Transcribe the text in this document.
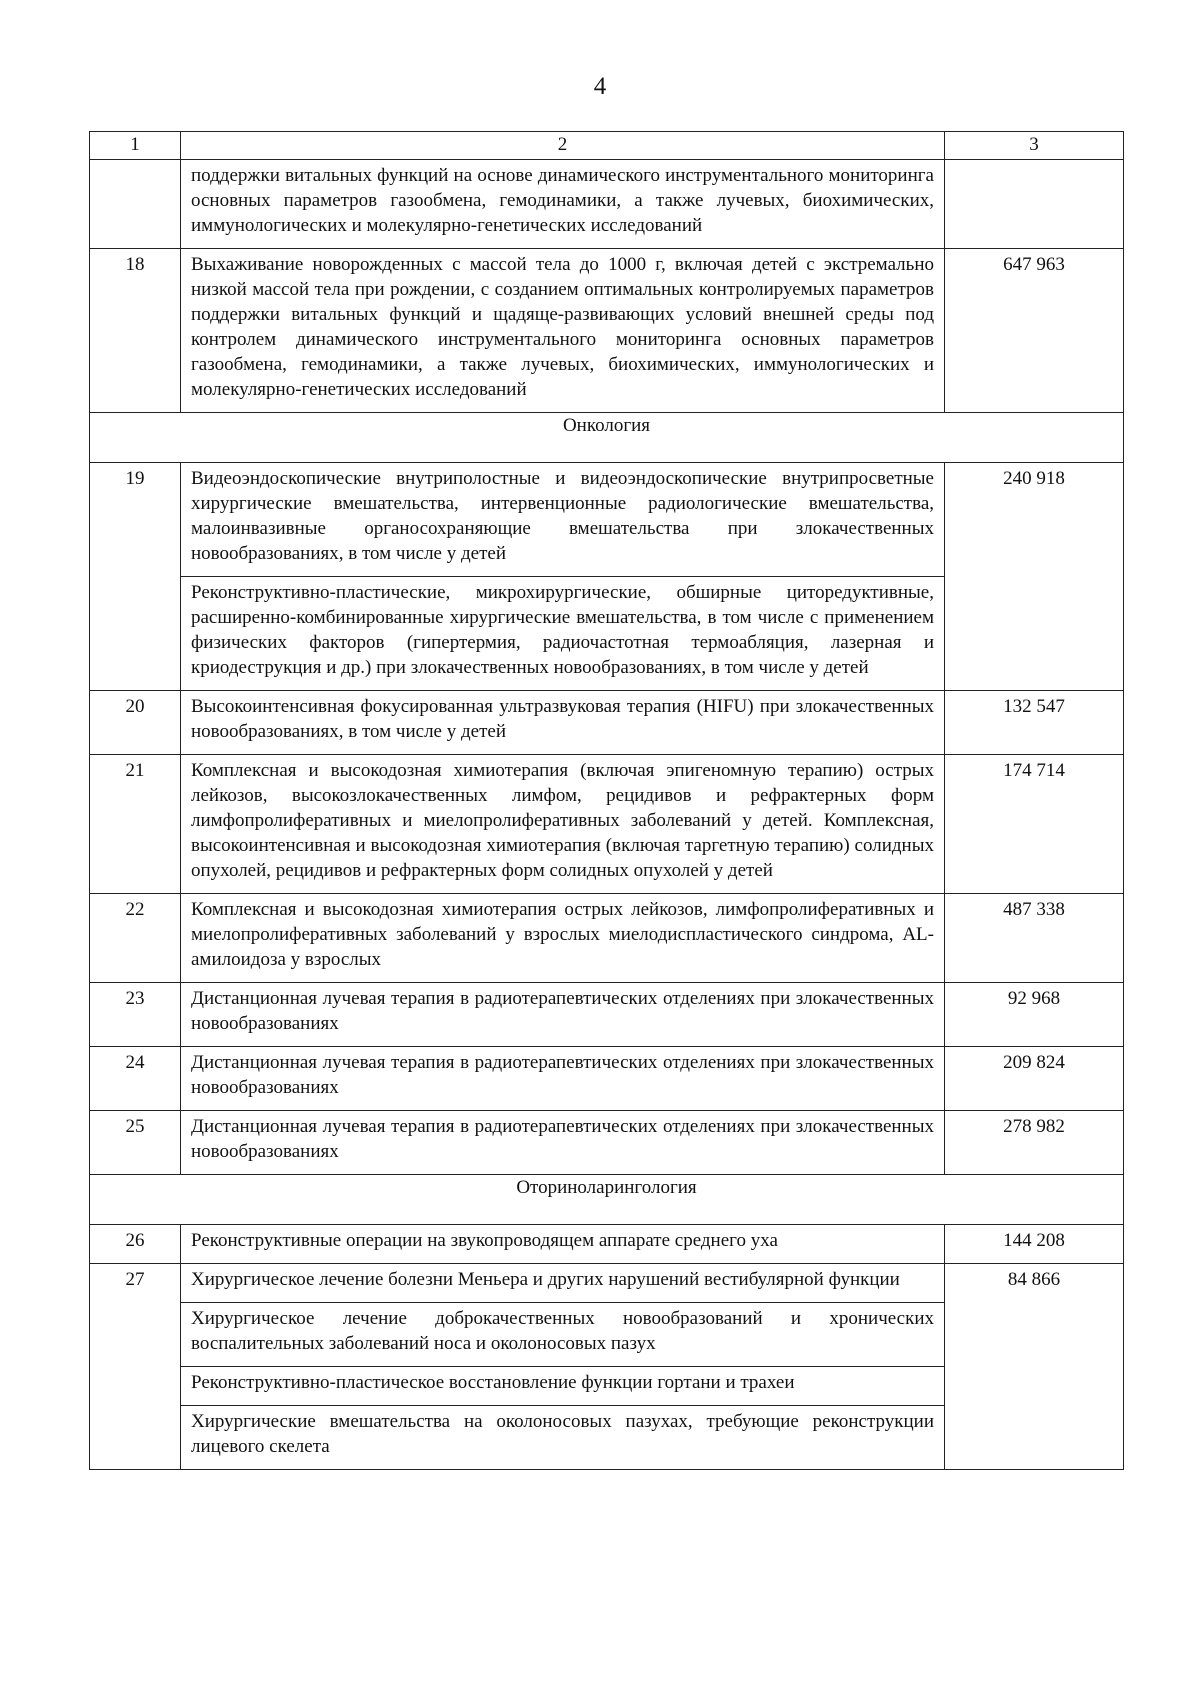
4
1	2	3
	поддержки витальных функций на основе динамического инструментального мониторинга основных параметров газообмена, гемодинамики, а также лучевых, биохимических, иммунологических и молекулярно-генетических исследований	
18	Выхаживание новорожденных с массой тела до 1000 г, включая детей с экстремально низкой массой тела при рождении, с созданием оптимальных контролируемых параметров поддержки витальных функций и щадяще-развивающих условий внешней среды под контролем динамического инструментального мониторинга основных параметров газообмена, гемодинамики, а также лучевых, биохимических, иммунологических и молекулярно-генетических исследований	647 963
Онкология		
19	Видеоэндоскопические внутриполостные и видеоэндоскопические внутрипросветные хирургические вмешательства, интервенционные радиологические вмешательства, малоинвазивные органосохраняющие вмешательства при злокачественных новообразованиях, в том числе у детей
Реконструктивно-пластические, микрохирургические, обширные циторедуктивные, расширенно-комбинированные хирургические вмешательства, в том числе с применением физических факторов (гипертермия, радиочастотная термоабляция, лазерная и криодеструкция и др.) при злокачественных новообразованиях, в том числе у детей	240 918
20	Высокоинтенсивная фокусированная ультразвуковая терапия (HIFU) при злокачественных новообразованиях, в том числе у детей	132 547
21	Комплексная и высокодозная химиотерапия (включая эпигеномную терапию) острых лейкозов, высокозлокачественных лимфом, рецидивов и рефрактерных форм лимфопролиферативных и миелопролиферативных заболеваний у детей. Комплексная, высокоинтенсивная и высокодозная химиотерапия (включая таргетную терапию) солидных опухолей, рецидивов и рефрактерных форм солидных опухолей у детей	174 714
22	Комплексная и высокодозная химиотерапия острых лейкозов, лимфопролиферативных и миелопролиферативных заболеваний у взрослых миелодиспластического синдрома, AL-амилоидоза у взрослых	487 338
23	Дистанционная лучевая терапия в радиотерапевтических отделениях при злокачественных новообразованиях	92 968
24	Дистанционная лучевая терапия в радиотерапевтических отделениях при злокачественных новообразованиях	209 824
25	Дистанционная лучевая терапия в радиотерапевтических отделениях при злокачественных новообразованиях	278 982
Оториноларингология		
26	Реконструктивные операции на звукопроводящем аппарате среднего уха	144 208
27	Хирургическое лечение болезни Меньера и других нарушений вестибулярной функции
Хирургическое лечение доброкачественных новообразований и хронических воспалительных заболеваний носа и околоносовых пазух
Реконструктивно-пластическое восстановление функции гортани и трахеи
Хирургические вмешательства на околоносовых пазухах, требующие реконструкции лицевого скелета	84 866
